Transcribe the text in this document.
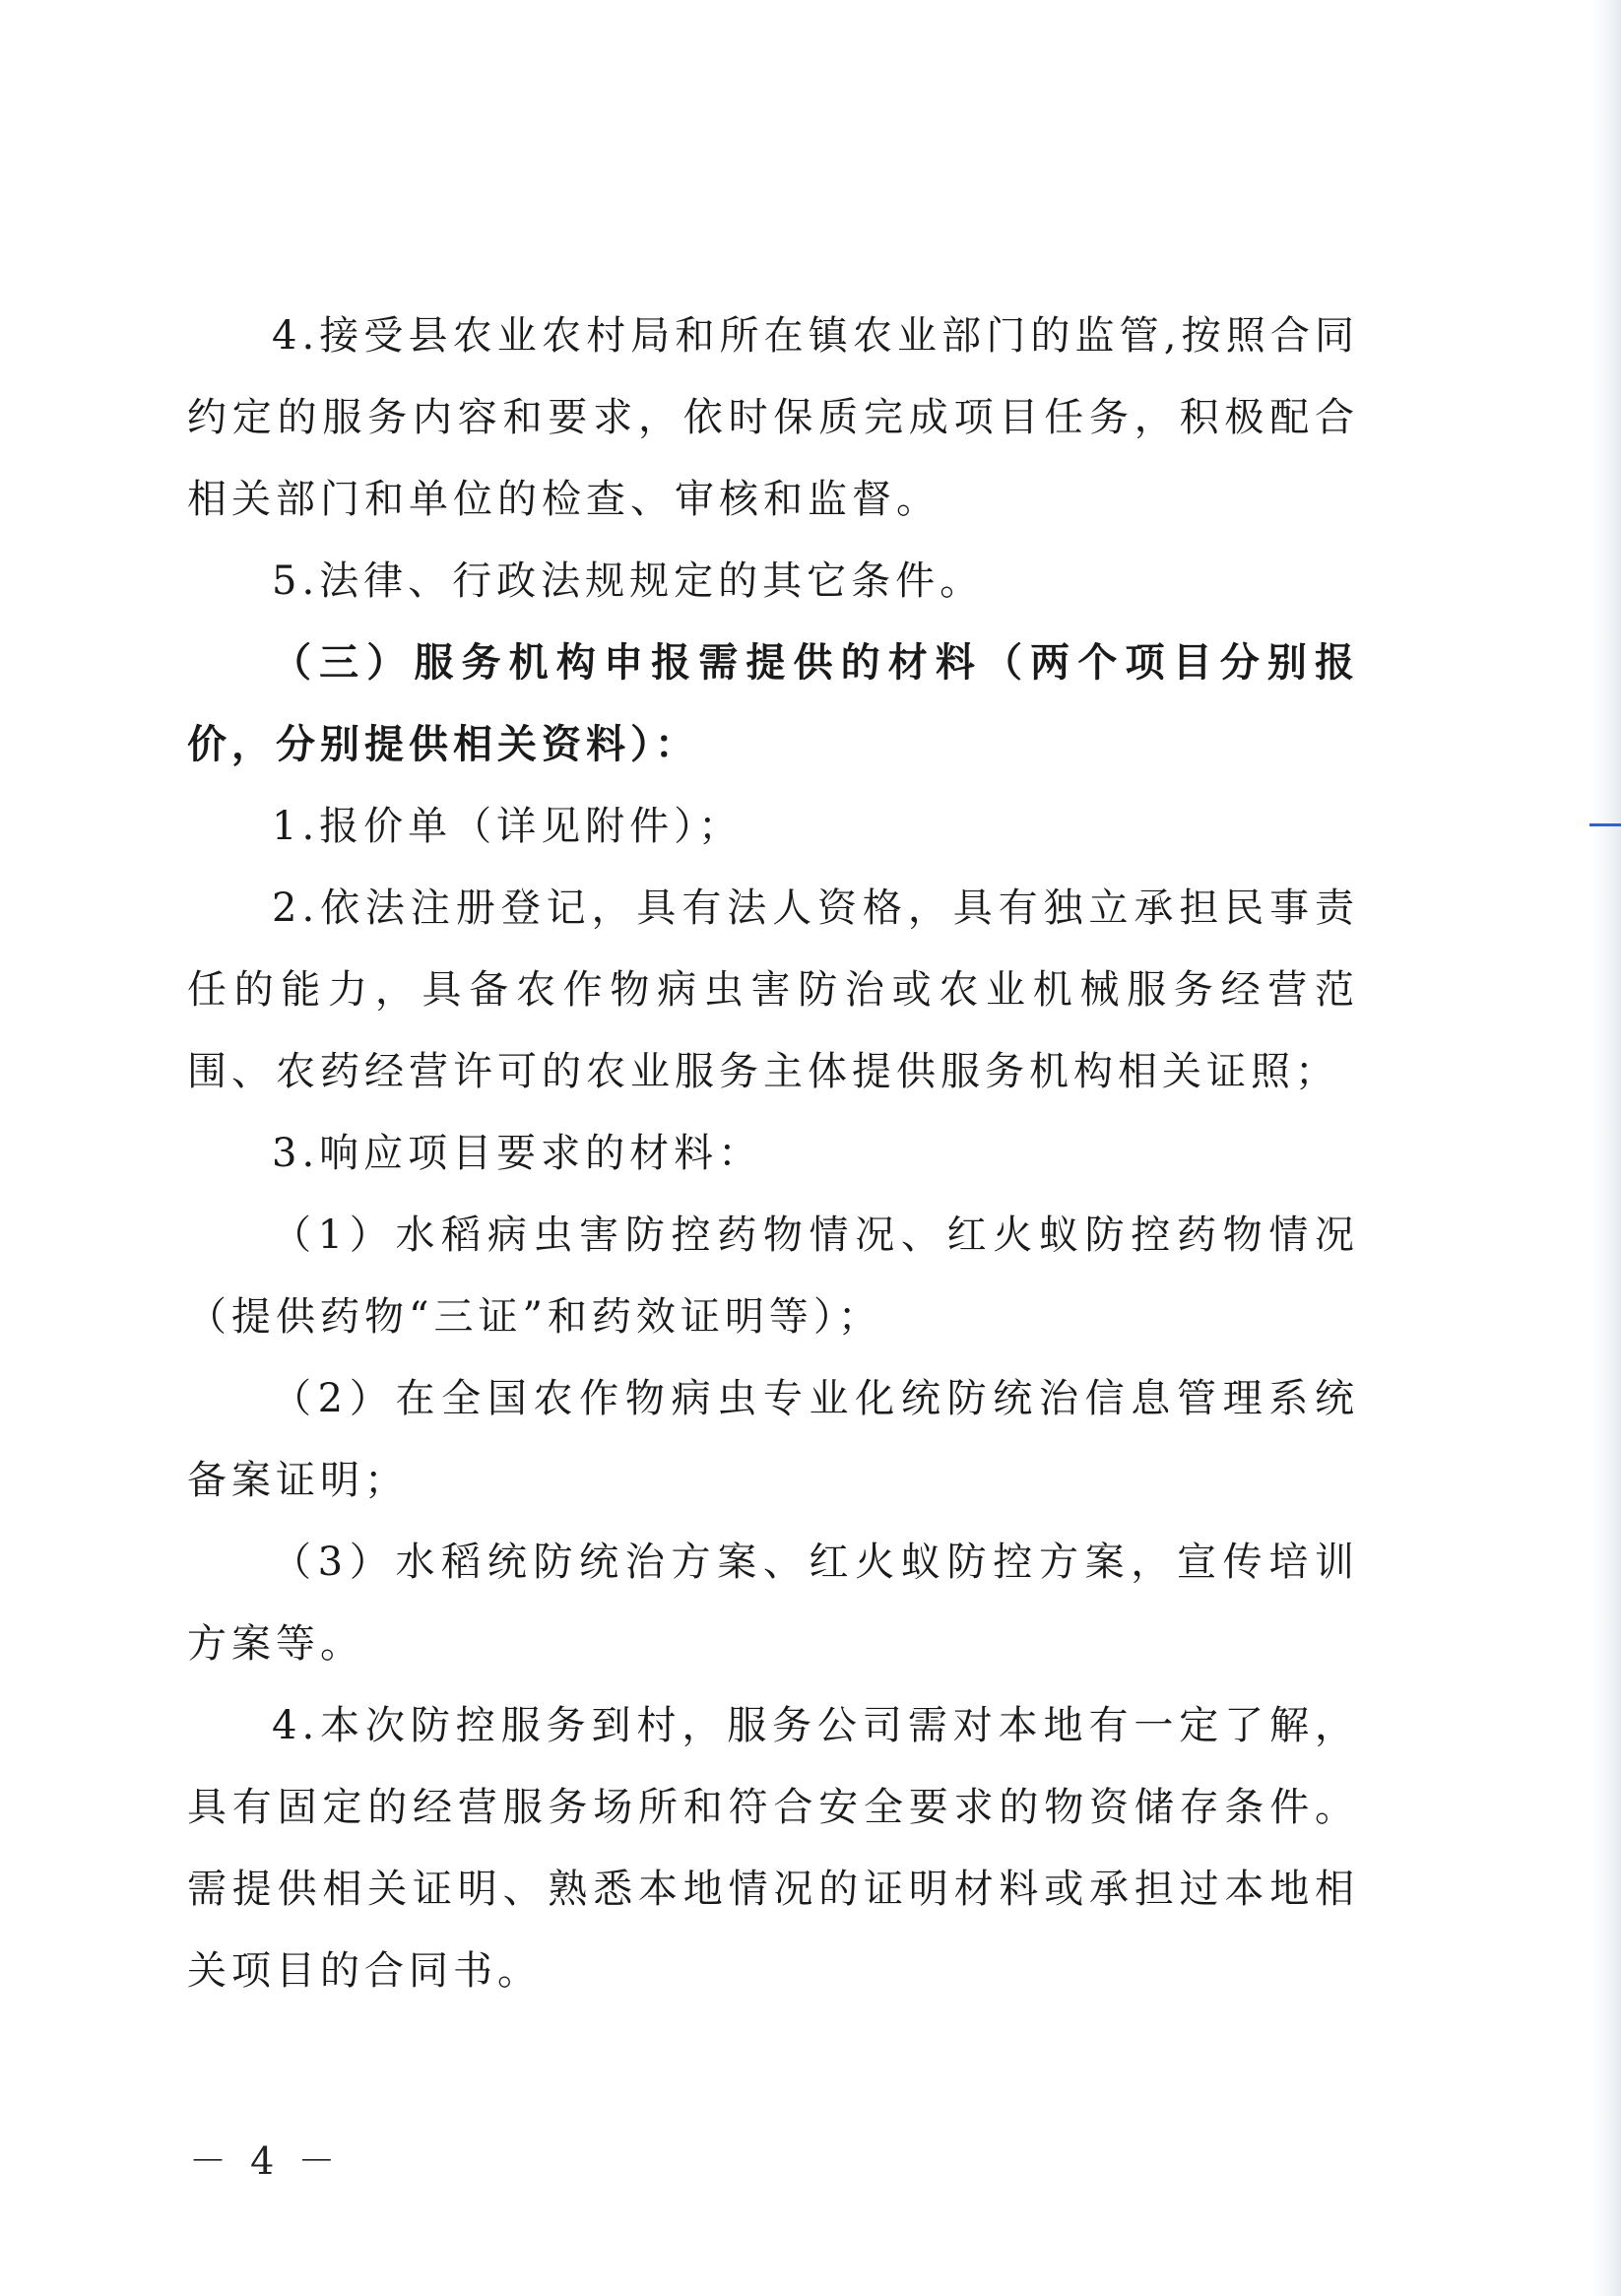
4.接受县农业农村局和所在镇农业部门的监管,按照合同约定的服务内容和要求，依时保质完成项目任务，积极配合相关部门和单位的检查、审核和监督。

5.法律、行政法规规定的其它条件。

（三）服务机构申报需提供的材料（两个项目分别报价，分别提供相关资料）：

1.报价单（详见附件）；

2.依法注册登记，具有法人资格，具有独立承担民事责任的能力，具备农作物病虫害防治或农业机械服务经营范围、农药经营许可的农业服务主体提供服务机构相关证照；

3.响应项目要求的材料：

（1）水稻病虫害防控药物情况、红火蚁防控药物情况（提供药物“三证”和药效证明等）；

（2）在全国农作物病虫专业化统防统治信息管理系统备案证明；

（3）水稻统防统治方案、红火蚁防控方案，宣传培训方案等。

4.本次防控服务到村，服务公司需对本地有一定了解，具有固定的经营服务场所和符合安全要求的物资储存条件。需提供相关证明、熟悉本地情况的证明材料或承担过本地相关项目的合同书。

－ 4 －
